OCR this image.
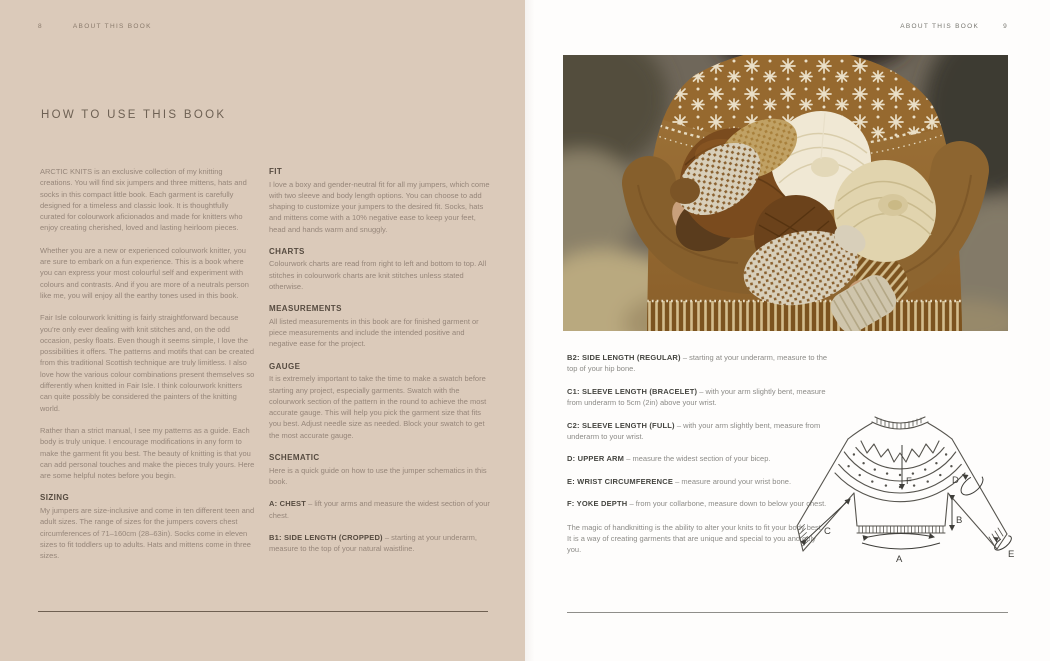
8	ABOUT THIS BOOK
HOW TO USE THIS BOOK

ARCTIC KNITS is an exclusive collection of my knitting creations. You will find six jumpers and three mittens, hats and socks in this compact little book. Each garment is carefully designed for a timeless and classic look. It is thoughtfully curated for colourwork aficionados and made for knitters who enjoy creating cherished, loved and lasting heirloom pieces.

Whether you are a new or experienced colourwork knitter, you are sure to embark on a fun experience. This is a book where you can express your most colourful self and experiment with colours and contrasts. And if you are more of a neutrals person like me, you will enjoy all the earthy tones used in this book.

Fair Isle colourwork knitting is fairly straightforward because you're only ever dealing with knit stitches and, on the odd occasion, pesky floats. Even though it seems simple, I love the possibilities it offers. The patterns and motifs that can be created from this traditional Scottish technique are truly limitless. I also love how the various colour combinations present themselves so differently when knitted in Fair Isle. I think colourwork knitters can quite possibly be considered the painters of the knitting world.

Rather than a strict manual, I see my patterns as a guide. Each body is truly unique. I encourage modifications in any form to make the garment fit you best. The beauty of knitting is that you can add personal touches and make the pieces truly yours. Here are some helpful notes before you begin.

SIZING

My jumpers are size-inclusive and come in ten different teen and adult sizes. The range of sizes for the jumpers covers chest circumferences of 71–160cm (28–63in). Socks come in eleven sizes to fit toddlers up to adults. Hats and mittens come in three sizes.

FIT

I love a boxy and gender-neutral fit for all my jumpers, which come with two sleeve and body length options. You can choose to add shaping to customize your jumpers to the desired fit. Socks, hats and mittens come with a 10% negative ease to keep your feet, head and hands warm and snuggly.

CHARTS

Colourwork charts are read from right to left and bottom to top. All stitches in colourwork charts are knit stitches unless stated otherwise.

MEASUREMENTS

All listed measurements in this book are for finished garment or piece measurements and include the intended positive and negative ease for the project.

GAUGE

It is extremely important to take the time to make a swatch before starting any project, especially garments. Swatch with the colourwork section of the pattern in the round to achieve the most accurate gauge. This will help you pick the garment size that fits you best. Adjust needle size as needed. Block your swatch to get the most accurate gauge.

SCHEMATIC

Here is a quick guide on how to use the jumper schematics in this book.

A: CHEST – lift your arms and measure the widest section of your chest.

B1: SIDE LENGTH (CROPPED) – starting at your underarm, measure to the top of your natural waistline.

ABOUT THIS BOOK	9

B2: SIDE LENGTH (REGULAR) – starting at your underarm, measure to the top of your hip bone.

C1: SLEEVE LENGTH (BRACELET) – with your arm slightly bent, measure from underarm to 5cm (2in) above your wrist.

C2: SLEEVE LENGTH (FULL) – with your arm slightly bent, measure from underarm to your wrist.

D: UPPER ARM – measure the widest section of your bicep.

E: WRIST CIRCUMFERENCE – measure around your wrist bone.

F: YOKE DEPTH – from your collarbone, measure down to below your chest.

The magic of handknitting is the ability to alter your knits to fit your body best. It is a way of creating garments that are unique and special to you and only you.

A
B
C
D
E
F
